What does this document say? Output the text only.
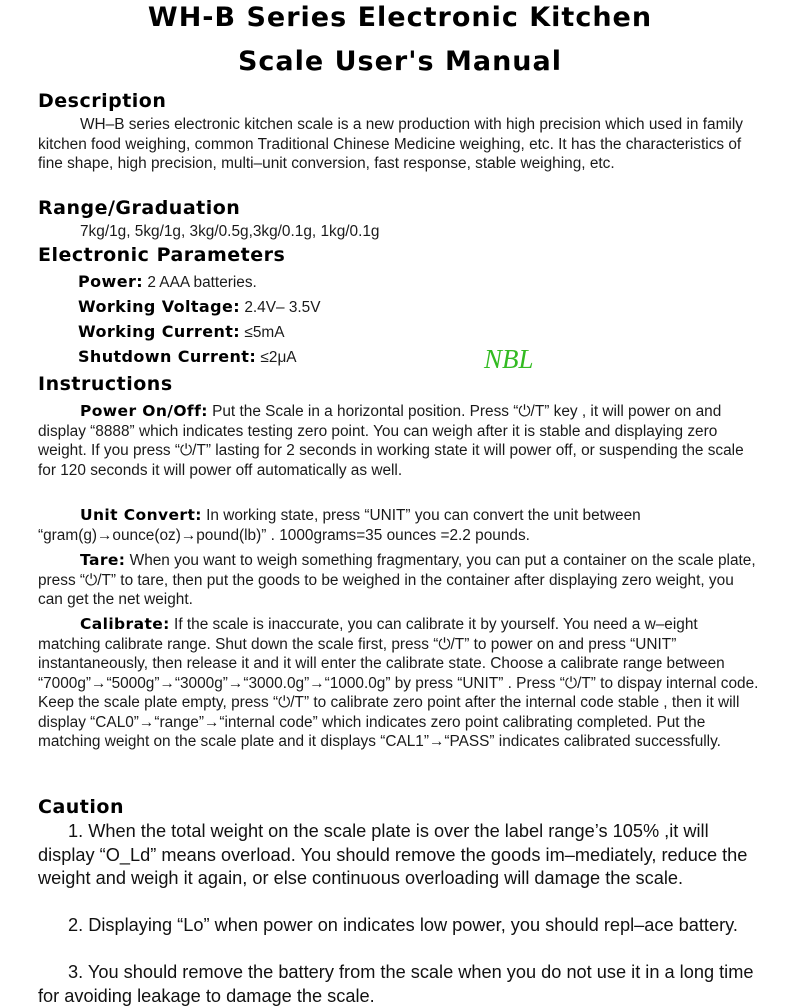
WH-B Series Electronic Kitchen
Scale User's Manual
Description

WH–B series electronic kitchen scale is a new production with high precision which used in family kitchen food weighing, common Traditional Chinese Medicine weighing, etc. It has the characteristics of fine shape, high precision, multi–unit conversion, fast response, stable weighing, etc.

Range/Graduation

7kg/1g, 5kg/1g, 3kg/0.5g,3kg/0.1g, 1kg/0.1g

Electronic Parameters

Power: 2 AAA batteries.

Working Voltage: 2.4V– 3.5V

Working Current: ≤5mA

Shutdown Current: ≤2μA	NBL
Instructions

Power On/Off: Put the Scale in a horizontal position. Press “⏻/T” key , it will power on and display “8888” which indicates testing zero point. You can weigh after it is stable and displaying zero weight. If you press “⏻/T” lasting for 2 seconds in working state it will power off, or suspending the scale for 120 seconds it will power off automatically as well.

Unit Convert: In working state, press “UNIT” you can convert the unit between “gram(g)→ounce(oz)→pound(lb)” . 1000grams=35 ounces =2.2 pounds.

Tare: When you want to weigh something fragmentary, you can put a container on the scale plate, press “⏻/T” to tare, then put the goods to be weighed in the container after displaying zero weight, you can get the net weight.

Calibrate: If the scale is inaccurate, you can calibrate it by yourself. You need a w–eight matching calibrate range. Shut down the scale first, press “⏻/T” to power on and press “UNIT” instantaneously, then release it and it will enter the calibrate state. Choose a calibrate range between “7000g”→“5000g”→“3000g”→“3000.0g”→“1000.0g” by press “UNIT” . Press “⏻/T” to dispay internal code. Keep the scale plate empty, press “⏻/T” to calibrate zero point after the internal code stable , then it will display “CAL0”→“range”→“internal code” which indicates zero point calibrating completed. Put the matching weight on the scale plate and it displays “CAL1”→“PASS” indicates calibrated successfully.

Caution

1. When the total weight on the scale plate is over the label range’s 105% ,it will display “O_Ld” means overload. You should remove the goods im–mediately, reduce the weight and weigh it again, or else continuous overloading will damage the scale.

2. Displaying “Lo” when power on indicates low power, you should repl–ace battery.

3. You should remove the battery from the scale when you do not use it in a long time for avoiding leakage to damage the scale.
